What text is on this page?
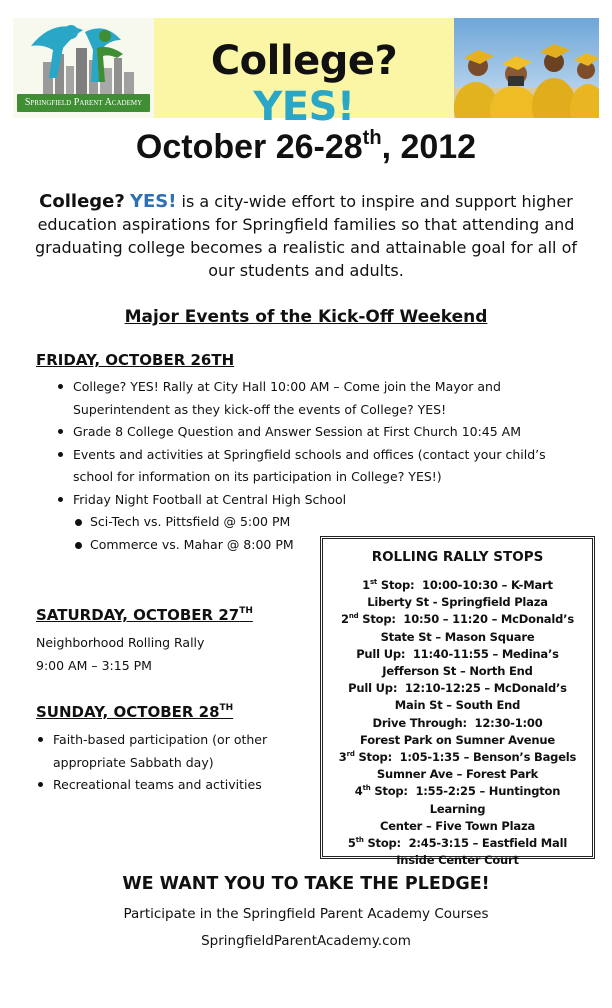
Springfield Parent Academy
College? YES!
October 26-28th, 2012
College? YES! is a city-wide effort to inspire and support higher education aspirations for Springfield families so that attending and graduating college becomes a realistic and attainable goal for all of our students and adults.
Major Events of the Kick-Off Weekend
FRIDAY, OCTOBER 26TH
College? YES! Rally at City Hall 10:00 AM – Come join the Mayor and Superintendent as they kick-off the events of College? YES!
Grade 8 College Question and Answer Session at First Church 10:45 AM
Events and activities at Springfield schools and offices (contact your child’s school for information on its participation in College? YES!)
Friday Night Football at Central High School
Sci-Tech vs. Pittsfield @ 5:00 PM
Commerce vs. Mahar @ 8:00 PM
SATURDAY, OCTOBER 27TH
Neighborhood Rolling Rally
9:00 AM – 3:15 PM
SUNDAY, OCTOBER 28TH
Faith-based participation (or other appropriate Sabbath day)
Recreational teams and activities
ROLLING RALLY STOPS
1st Stop: 10:00-10:30 – K-Mart
Liberty St - Springfield Plaza
2nd Stop: 10:50 – 11:20 – McDonald’s
State St – Mason Square
Pull Up: 11:40-11:55 – Medina’s
Jefferson St – North End
Pull Up: 12:10-12:25 – McDonald’s
Main St – South End
Drive Through: 12:30-1:00
Forest Park on Sumner Avenue
3rd Stop: 1:05-1:35 – Benson’s Bagels
Sumner Ave – Forest Park
4th Stop: 1:55-2:25 – Huntington Learning
Center – Five Town Plaza
5th Stop: 2:45-3:15 – Eastfield Mall
Inside Center Court
WE WANT YOU TO TAKE THE PLEDGE!
Participate in the Springfield Parent Academy Courses
SpringfieldParentAcademy.com
